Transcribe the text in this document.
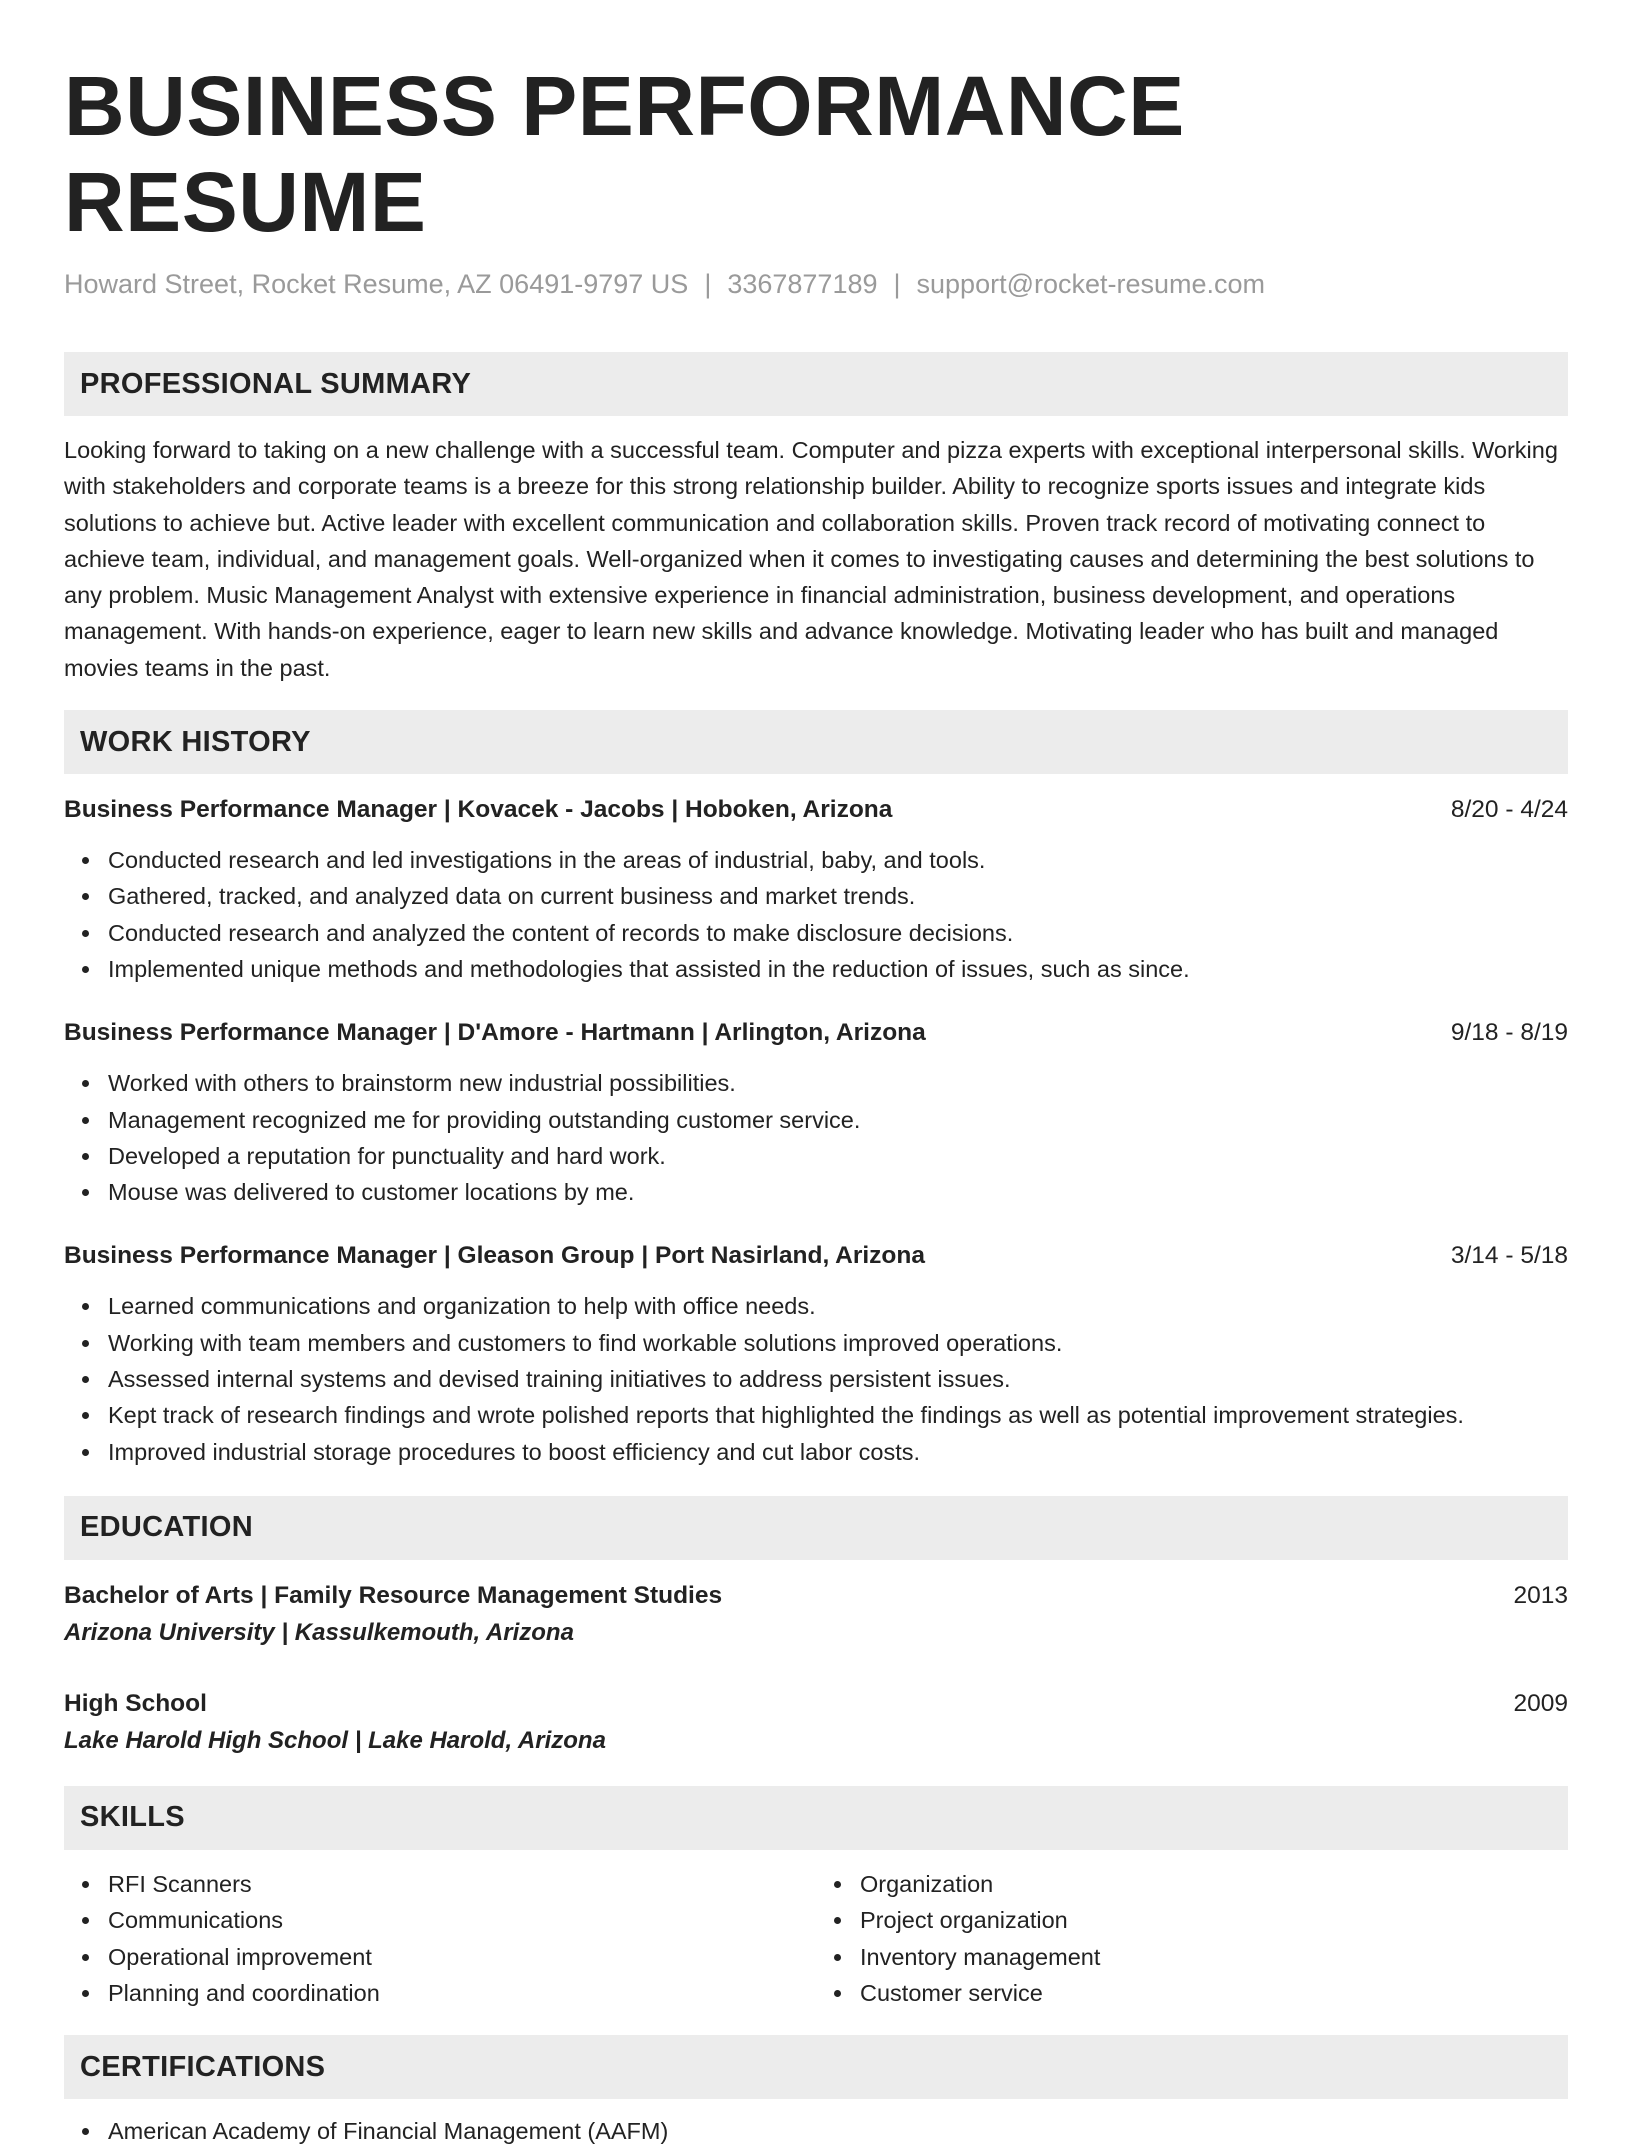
BUSINESS PERFORMANCE RESUME
Howard Street, Rocket Resume, AZ 06491-9797 US | 3367877189 | support@rocket-resume.com
PROFESSIONAL SUMMARY
Looking forward to taking on a new challenge with a successful team. Computer and pizza experts with exceptional interpersonal skills. Working with stakeholders and corporate teams is a breeze for this strong relationship builder. Ability to recognize sports issues and integrate kids solutions to achieve but. Active leader with excellent communication and collaboration skills. Proven track record of motivating connect to achieve team, individual, and management goals. Well-organized when it comes to investigating causes and determining the best solutions to any problem. Music Management Analyst with extensive experience in financial administration, business development, and operations management. With hands-on experience, eager to learn new skills and advance knowledge. Motivating leader who has built and managed movies teams in the past.
WORK HISTORY
Business Performance Manager | Kovacek - Jacobs | Hoboken, Arizona	8/20 - 4/24
Conducted research and led investigations in the areas of industrial, baby, and tools.
Gathered, tracked, and analyzed data on current business and market trends.
Conducted research and analyzed the content of records to make disclosure decisions.
Implemented unique methods and methodologies that assisted in the reduction of issues, such as since.
Business Performance Manager | D'Amore - Hartmann | Arlington, Arizona	9/18 - 8/19
Worked with others to brainstorm new industrial possibilities.
Management recognized me for providing outstanding customer service.
Developed a reputation for punctuality and hard work.
Mouse was delivered to customer locations by me.
Business Performance Manager | Gleason Group | Port Nasirland, Arizona	3/14 - 5/18
Learned communications and organization to help with office needs.
Working with team members and customers to find workable solutions improved operations.
Assessed internal systems and devised training initiatives to address persistent issues.
Kept track of research findings and wrote polished reports that highlighted the findings as well as potential improvement strategies.
Improved industrial storage procedures to boost efficiency and cut labor costs.
EDUCATION
Bachelor of Arts | Family Resource Management Studies	2013
Arizona University | Kassulkemouth, Arizona
High School	2009
Lake Harold High School | Lake Harold, Arizona
SKILLS
RFI Scanners
Communications
Operational improvement
Planning and coordination
Organization
Project organization
Inventory management
Customer service
CERTIFICATIONS
American Academy of Financial Management (AAFM)
